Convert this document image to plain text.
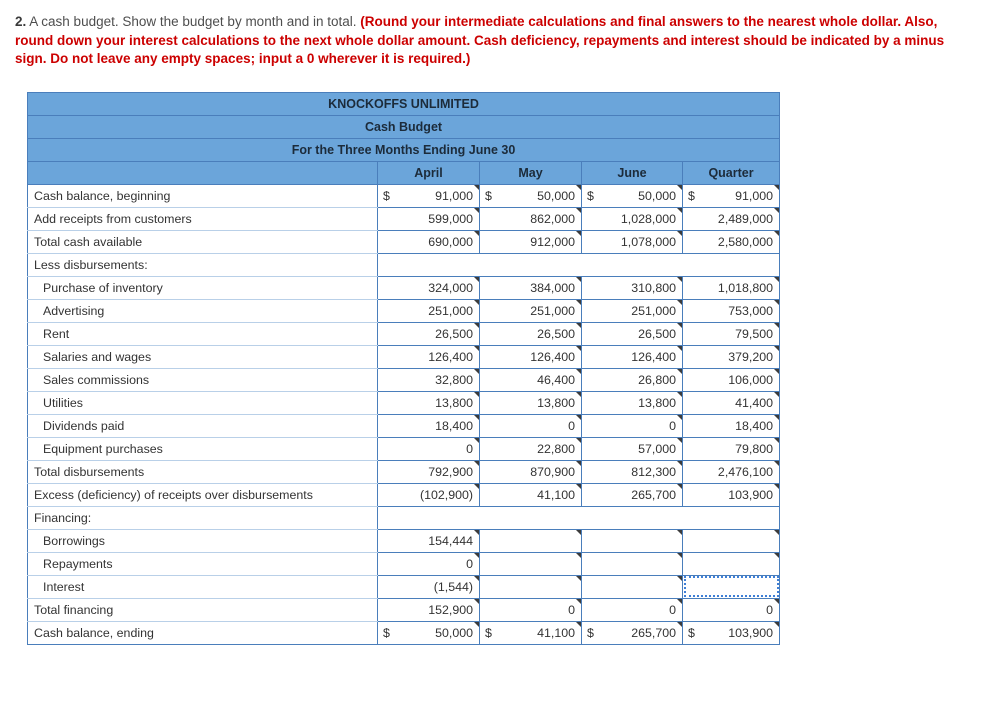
2. A cash budget. Show the budget by month and in total. (Round your intermediate calculations and final answers to the nearest whole dollar. Also, round down your interest calculations to the next whole dollar amount. Cash deficiency, repayments and interest should be indicated by a minus sign. Do not leave any empty spaces; input a 0 wherever it is required.)

KNOCKOFFS UNLIMITED				
Cash Budget				
For the Three Months Ending June 30				
	April	May	June	Quarter
Cash balance, beginning	$ 91,000	$ 50,000	$ 50,000	$ 91,000

Add receipts from customers	599,000	862,000	1,028,000	2,489,000

Total cash available	690,000	912,000	1,078,000	2,580,000

Less disbursements:				
Purchase of inventory	324,000	384,000	310,800	1,018,800

Advertising	251,000	251,000	251,000	753,000

Rent	26,500	26,500	26,500	79,500

Salaries and wages	126,400	126,400	126,400	379,200

Sales commissions	32,800	46,400	26,800	106,000

Utilities	13,800	13,800	13,800	41,400

Dividends paid	18,400	0	0	18,400

Equipment purchases	0	22,800	57,000	79,800

Total disbursements	792,900	870,900	812,300	2,476,100

Excess (deficiency) of receipts over disbursements	(102,900)	41,100	265,700	103,900

Financing:				
Borrowings	154,444

Repayments	0

Interest	(1,544)

Total financing	152,900	0	0	0

Cash balance, ending	$ 50,000	$ 41,100	$ 265,700	$ 103,900
